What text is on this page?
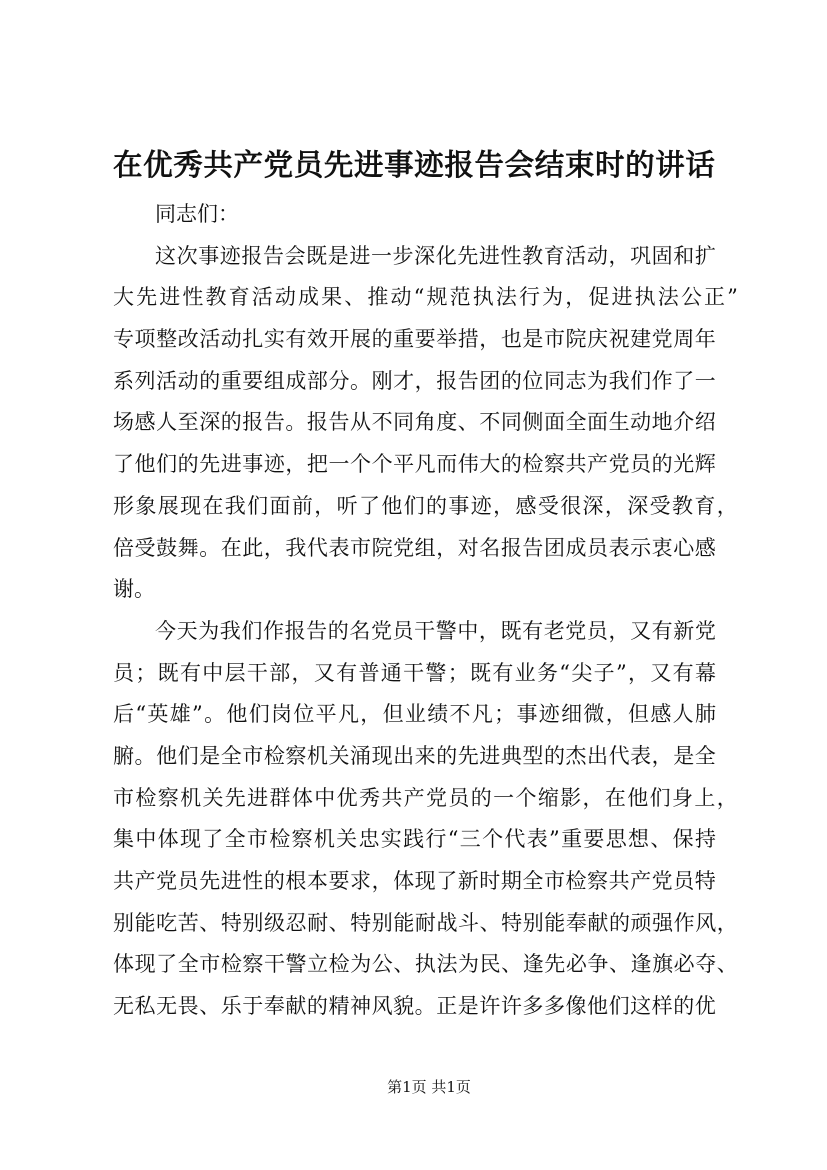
在 优 秀 共 产 党 员 先 进 事 迹 报 告 会 结 束 时 的 讲 话
同志们：
这 次 事 迹 报 告 会 既 是 进 一 步 深 化 先 进 性 教 育 活 动 ， 巩 固 和 扩
大 先 进 性 教 育 活 动 成 果 、 推 动 “ 规 范 执 法 行 为 ， 促 进 执 法 公 正 ”
专 项 整 改 活 动 扎 实 有 效 开 展 的 重 要 举 措 ， 也 是 市 院 庆 祝 建 党 周 年
系 列 活 动 的 重 要 组 成 部 分 。 刚 才 ， 报 告 团 的 位 同 志 为 我 们 作 了 一
场 感 人 至 深 的 报 告 。 报 告 从 不 同 角 度 、 不 同 侧 面 全 面 生 动 地 介 绍
了 他 们 的 先 进 事 迹 ， 把 一 个 个 平 凡 而 伟 大 的 检 察 共 产 党 员 的 光 辉
形 象 展 现 在 我 们 面 前 ， 听 了 他 们 的 事 迹 ， 感 受 很 深 ， 深 受 教 育 ，
倍 受 鼓 舞 。 在 此 ， 我 代 表 市 院 党 组 ， 对 名 报 告 团 成 员 表 示 衷 心 感
谢。
今 天 为 我 们 作 报 告 的 名 党 员 干 警 中 ， 既 有 老 党 员 ， 又 有 新 党
员 ； 既 有 中 层 干 部 ， 又 有 普 通 干 警 ； 既 有 业 务 “ 尖 子 ” ， 又 有 幕
后 “ 英 雄 ” 。 他 们 岗 位 平 凡 ， 但 业 绩 不 凡 ； 事 迹 细 微 ， 但 感 人 肺
腑 。 他 们 是 全 市 检 察 机 关 涌 现 出 来 的 先 进 典 型 的 杰 出 代 表 ， 是 全
市 检 察 机 关 先 进 群 体 中 优 秀 共 产 党 员 的 一 个 缩 影 ， 在 他 们 身 上 ，
集 中 体 现 了 全 市 检 察 机 关 忠 实 践 行 “ 三 个 代 表 ” 重 要 思 想 、 保 持
共 产 党 员 先 进 性 的 根 本 要 求 ， 体 现 了 新 时 期 全 市 检 察 共 产 党 员 特
别 能 吃 苦 、 特 别 级 忍 耐 、 特 别 能 耐 战 斗 、 特 别 能 奉 献 的 顽 强 作 风 ，
体 现 了 全 市 检 察 干 警 立 检 为 公 、 执 法 为 民 、 逢 先 必 争 、 逢 旗 必 夺 、
无 私 无 畏 、 乐 于 奉 献 的 精 神 风 貌 。 正 是 许 许 多 多 像 他 们 这 样 的 优
第1页 共1页
